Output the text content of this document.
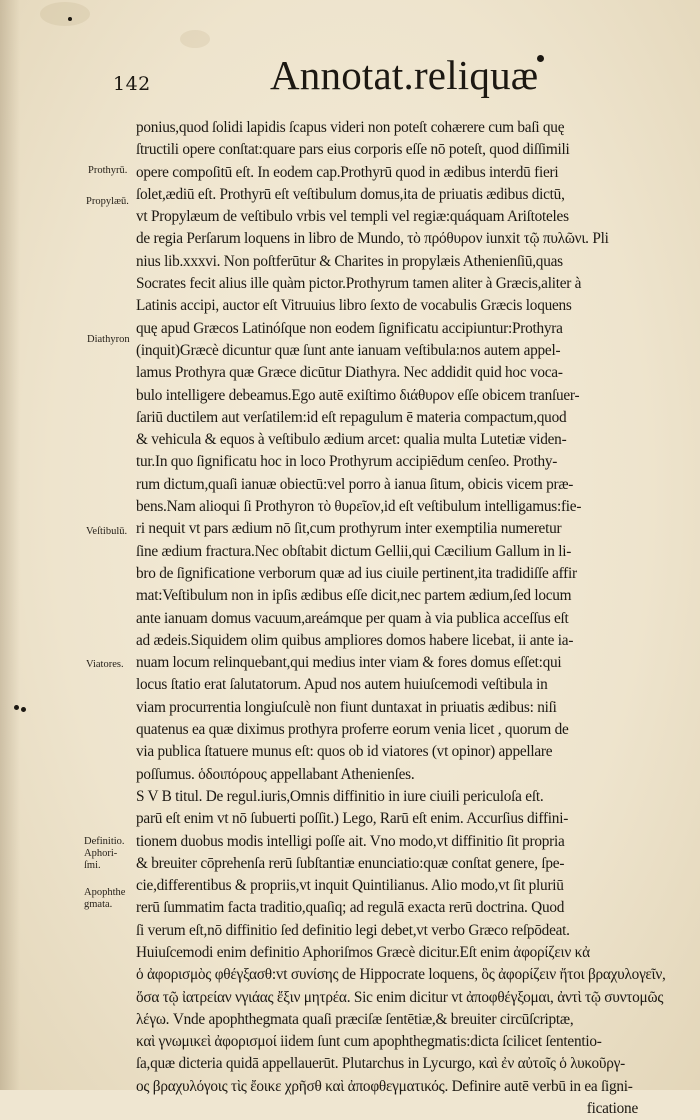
142	Annotat.reliquæ
Prothyrū.
Propylæū.
Diathyron
Veſtibulū.
Viatores.
Definitio.
Aphori-
ſmi.
Apophthe
gmata.
ponius,quod ſolidi lapidis ſcapus videri non poteſt cohærere cum baſi quę
ſtructili opere conſtat:quare pars eius corporis eſſe nō poteſt, quod diſſimili
opere compoſitū eſt. In eodem cap.Prothyrū quod in ædibus interdū fieri
ſolet,ædiū eſt. Prothyrū eſt veſtibulum domus,ita de priuatis ædibus dictū,
vt Propylæum de veſtibulo vrbis vel templi vel regiæ:quáquam Ariſtoteles
de regia Perſarum loquens in libro de Mundo, τὸ πρόθυρον iunxit τῷ πυλῶνι. Pli
nius lib.xxxvi. Non poſtferūtur & Charites in propylæis Athenienſiū,quas
Socrates fecit alius ille quàm pictor.Prothyrum tamen aliter à Græcis,aliter à
Latinis accipi, auctor eſt Vitruuius libro ſexto de vocabulis Græcis loquens
quę apud Græcos Latinóſque non eodem ſignificatu accipiuntur:Prothyra
(inquit)Græcè dicuntur quæ ſunt ante ianuam veſtibula:nos autem appel-
lamus Prothyra quæ Græce dicūtur Diathyra. Nec addidit quid hoc voca-
bulo intelligere debeamus.Ego autē exiſtimo διάθυρον eſſe obicem tranſuer-
ſariū ductilem aut verſatilem:id eſt repagulum ē materia compactum,quod
& vehicula & equos à veſtibulo ædium arcet: qualia multa Lutetiæ viden-
tur.In quo ſignificatu hoc in loco Prothyrum accipiēdum cenſeo. Prothy-
rum dictum,quaſi ianuæ obiectū:vel porro à ianua ſitum, obicis vicem præ-
bens.Nam alioqui ſi Prothyron τὸ θυρεῖον,id eſt veſtibulum intelligamus:fie-
ri nequit vt pars ædium nō ſit,cum prothyrum inter exemptilia numeretur
ſine ædium fractura.Nec obſtabit dictum Gellii,qui Cæcilium Gallum in li-
bro de ſignificatione verborum quæ ad ius ciuile pertinent,ita tradidiſſe affir
mat:Veſtibulum non in ipſis ædibus eſſe dicit,nec partem ædium,ſed locum
ante ianuam domus vacuum,areámque per quam à via publica acceſſus eſt
ad ædeis.Siquidem olim quibus ampliores domos habere licebat, ii ante ia-
nuam locum relinquebant,qui medius inter viam & fores domus eſſet:qui
locus ſtatio erat ſalutatorum. Apud nos autem huiuſcemodi veſtibula in
viam procurrentia longiuſculè non fiunt duntaxat in priuatis ædibus: niſi
quatenus ea quæ diximus prothyra proferre eorum venia licet , quorum de
via publica ſtatuere munus eſt: quos ob id viatores (vt opinor) appellare
poſſumus. ὁδοιπόρους appellabant Athenienſes.
S V B titul. De regul.iuris,Omnis diffinitio in iure ciuili periculoſa eſt.
parū eſt enim vt nō ſubuerti poſſit.) Lego, Rarū eſt enim. Accurſius diffini-
tionem duobus modis intelligi poſſe ait. Vno modo,vt diffinitio ſit propria
& breuiter cōprehenſa rerū ſubſtantiæ enunciatio:quæ conſtat genere, ſpe-
cie,differentibus & propriis,vt inquit Quintilianus. Alio modo,vt ſit pluriū
rerū ſummatim facta traditio,quaſiq; ad regulā exacta rerū doctrina. Quod
ſi verum eſt,nō diffinitio ſed definitio legi debet,vt verbo Græco reſpōdeat.
Huiuſcemodi enim definitio Aphoriſmos Græcè dicitur.Eſt enim ἀφορίζειν κἀ
ὁ ἀφορισμὸς φθέγξασθ:vt συνίσης de Hippocrate loquens, ὃς ἀφορίζειν ἤτοι βραχυλογεῖν,
ὅσα τῷ ἰατρείαν νγιάας ἔξιν μητρέα. Sic enim dicitur vt ἀποφθέγξομαι, ἀντὶ τῷ συντομῶς
λέγω. Vnde apophthegmata quaſi præciſæ ſentētiæ,& breuiter circūſcriptæ,
καὶ γνωμικεὶ ἀφορισμοί iidem ſunt cum apophthegmatis:dicta ſcilicet ſententio-
ſa,quæ dicteria quidā appellauerūt. Plutarchus in Lycurgo, καὶ ἐν αὐτοῖς ὁ λυκοῦργ-
ος βραχυλόγοις τὶς ἔοικε χρῆσθ καὶ ἀποφθεγματικός. Definire autē verbū in ea ſigni-
ficatione
